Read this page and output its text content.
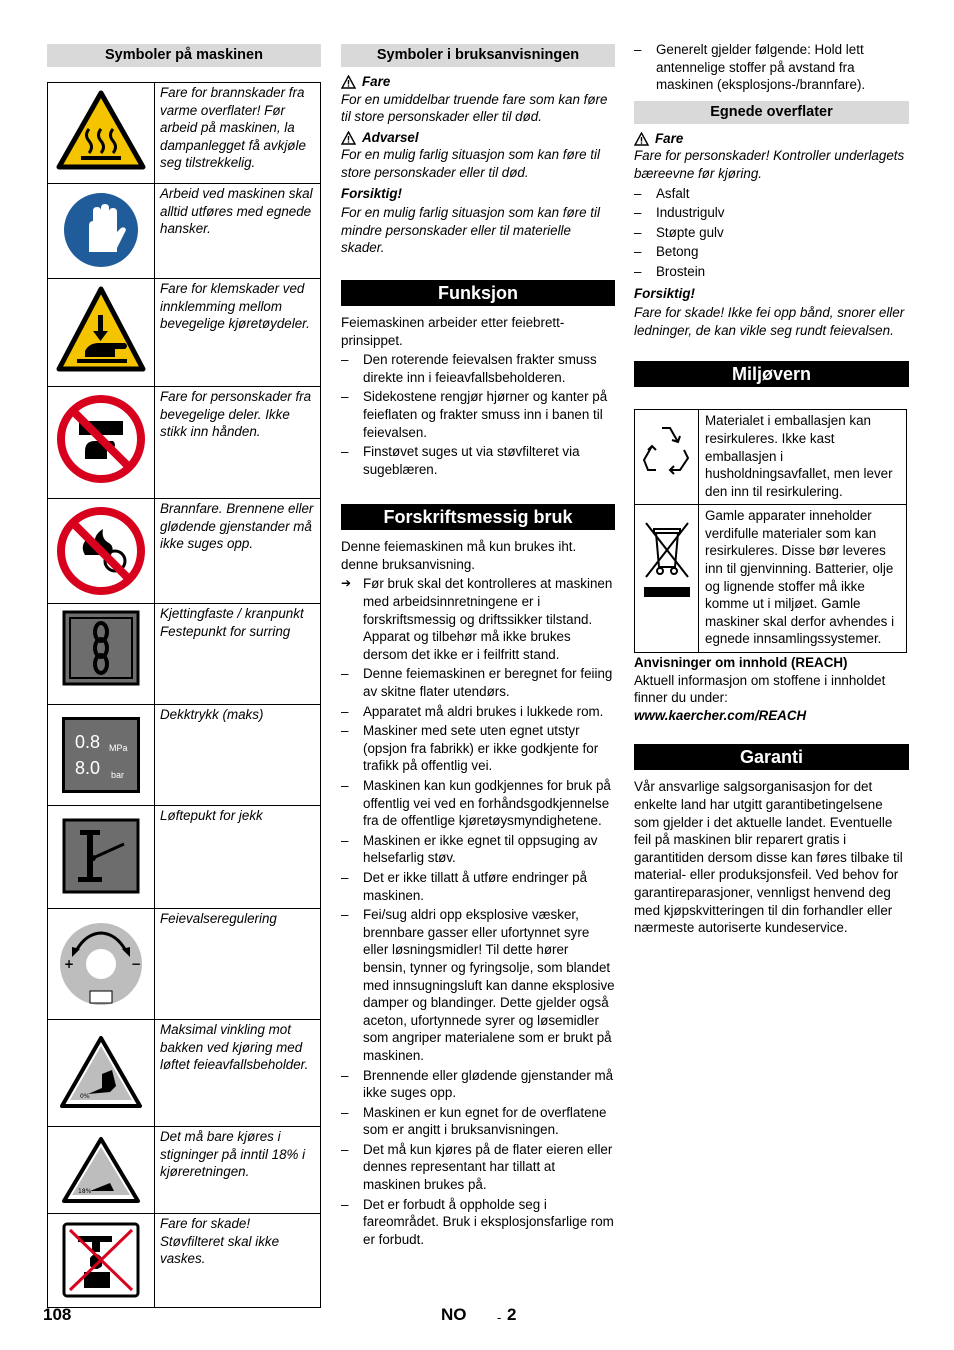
Symboler på maskinen
	Fare for brannskader fra varme overflater! Før arbeid på maskinen, la dampanlegget få avkjøle seg tilstrekkelig.

	Arbeid ved maskinen skal alltid utføres med egnede hansker.

	Fare for klemskader ved innklemming mellom bevegelige kjøretøydeler.

	Fare for personskader fra bevegelige deler. Ikke stikk inn hånden.

	Brannfare. Brennene eller glødende gjenstander må ikke suges opp.

	Kjettingfaste / kranpunkt Festepunkt for surring

0.8 MPa
8.0 bar	Dekktrykk (maks)

	Løftepukt for jekk

+ −	Feievalseregulering

0%	Maksimal vinkling mot bakken ved kjøring med løftet feieavfallsbeholder.

18%	Det må bare kjøres i stigninger på inntil 18% i kjøreretningen.

	Fare for skade! Støvfilteret skal ikke vaskes.
Symboler i bruksanvisningen
Fare

For en umiddelbar truende fare som kan føre til store personskader eller til død.

Advarsel

For en mulig farlig situasjon som kan føre til store personskader eller til død.

Forsiktig!

For en mulig farlig situasjon som kan føre til mindre personskader eller til materielle skader.

Funksjon

Feiemaskinen arbeider etter feiebrett-prinsippet.

– Den roterende feievalsen frakter smuss direkte inn i feieavfallsbeholderen.
– Sidekostene rengjør hjørner og kanter på feieflaten og frakter smuss inn i banen til feievalsen.
– Finstøvet suges ut via støvfilteret via sugeblæren.
Forskriftsmessig bruk

Denne feiemaskinen må kun brukes iht. denne bruksanvisning.

➔ Før bruk skal det kontrolleres at maskinen med arbeidsinnretningene er i forskriftsmessig og driftssikker tilstand. Apparat og tilbehør må ikke brukes dersom det ikke er i feilfritt stand.
– Denne feiemaskinen er beregnet for feiing av skitne flater utendørs.
– Apparatet må aldri brukes i lukkede rom.
– Maskiner med sete uten egnet utstyr (opsjon fra fabrikk) er ikke godkjente for trafikk på offentlig vei.
– Maskinen kan kun godkjennes for bruk på offentlig vei ved en forhåndsgodkjennelse fra de offentlige kjøretøysmyndighetene.
– Maskinen er ikke egnet til oppsuging av helsefarlig støv.
– Det er ikke tillatt å utføre endringer på maskinen.
– Fei/sug aldri opp eksplosive væsker, brennbare gasser eller ufortynnet syre eller løsningsmidler! Til dette hører bensin, tynner og fyringsolje, som blandet med innsugningsluft kan danne eksplosive damper og blandinger. Dette gjelder også aceton, ufortynnede syrer og løsemidler som angriper materialene som er brukt på maskinen.
– Brennende eller glødende gjenstander må ikke suges opp.
– Maskinen er kun egnet for de overflatene som er angitt i bruksanvisningen.
– Det må kun kjøres på de flater eieren eller dennes representant har tillatt at maskinen brukes på.
– Det er forbudt å oppholde seg i fareområdet. Bruk i eksplosjonsfarlige rom er forbudt.
– Generelt gjelder følgende: Hold lett antennelige stoffer på avstand fra maskinen (eksplosjons-/brannfare).
Egnede overflater
Fare

Fare for personskader! Kontroller underlagets bæreevne før kjøring.

– Asfalt
– Industrigulv
– Støpte gulv
– Betong
– Brostein

Forsiktig!

Fare for skade! Ikke fei opp bånd, snorer eller ledninger, de kan vikle seg rundt feievalsen.

Miljøvern
	Materialet i emballasjen kan resirkuleres. Ikke kast emballasjen i husholdningsavfallet, men lever den inn til resirkulering.

	Gamle apparater inneholder verdifulle materialer som kan resirkuleres. Disse bør leveres inn til gjenvinning. Batterier, olje og lignende stoffer må ikke komme ut i miljøet. Gamle maskiner skal derfor avhendes i egnede innsamlingssystemer.

Anvisninger om innhold (REACH)

Aktuell informasjon om stoffene i innholdet finner du under:

www.kaercher.com/REACH

Garanti

Vår ansvarlige salgsorganisasjon for det enkelte land har utgitt garantibetingelsene som gjelder i det aktuelle landet. Eventuelle feil på maskinen blir reparert gratis i garantitiden dersom disse kan føres tilbake til material- eller produksjonsfeil. Ved behov for garantireparasjoner, vennligst henvend deg med kjøpskvitteringen til din forhandler eller nærmeste autoriserte kundeservice.

108	NO - 2
